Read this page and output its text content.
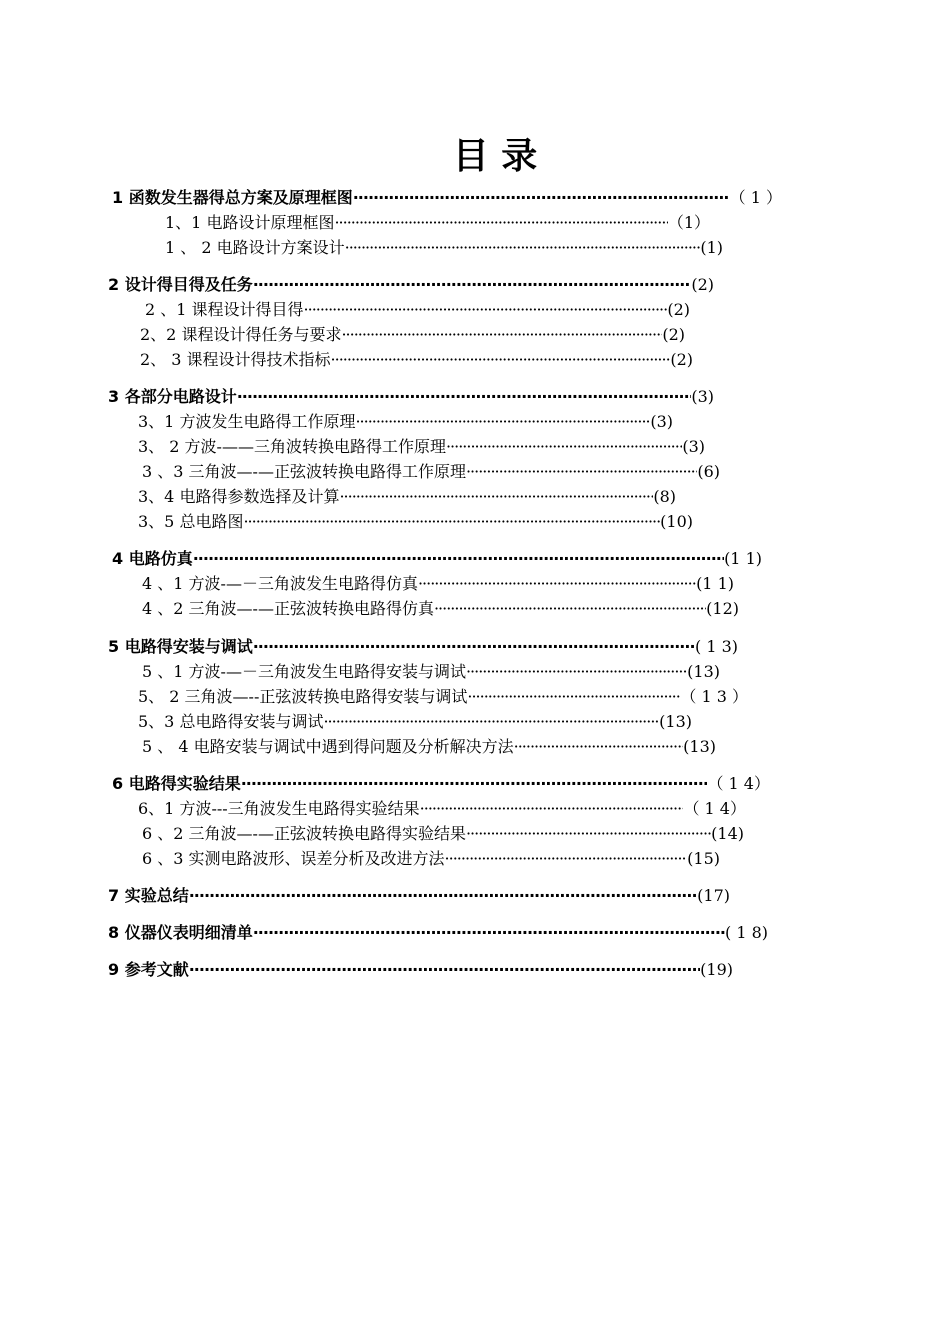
目 录
1 函数发生器得总方案及原理框图 ·····	（ 1 ）
1、1 电路设计原理框图 ·····	（1）
1 、 2 电路设计方案设计 ·····	(1)
2 设计得目得及任务 ·····	(2)
2 、1 课程设计得目得 ·····	(2)
2、2 课程设计得任务与要求 ·····	(2)
2、 3 课程设计得技术指标 ·····	(2)
3 各部分电路设计 ·····	(3)
3、1 方波发生电路得工作原理 ·····	(3)
3、 2 方波-——三角波转换电路得工作原理 ·····	(3)
3 、3 三角波—-—正弦波转换电路得工作原理 ·····	(6)
3、4 电路得参数选择及计算 ·····	(8)
3、5 总电路图 ·····	(10)
4 电路仿真 ·····	(1 1)
4 、1 方波-—－三角波发生电路得仿真 ·····	(1 1)
4 、2 三角波—-—正弦波转换电路得仿真 ·····	(12)
5 电路得安装与调试 ·····	( 1 3)
5 、1 方波-—－三角波发生电路得安装与调试 ·····	(13)
5、 2 三角波—--正弦波转换电路得安装与调试 ·····	（ 1 3 ）
5、3 总电路得安装与调试 ·····	(13)
5 、 4 电路安装与调试中遇到得问题及分析解决方法 ·····	(13)
6 电路得实验结果 ·····	（ 1 4）
6、1 方波---三角波发生电路得实验结果 ·····	（ 1 4）
6 、2 三角波—-—正弦波转换电路得实验结果 ·····	(14)
6 、3 实测电路波形、误差分析及改进方法 ·····	(15)
7 实验总结 ·····	(17)
8 仪器仪表明细清单 ·····	( 1 8)
9 参考文献 ·····	(19)
